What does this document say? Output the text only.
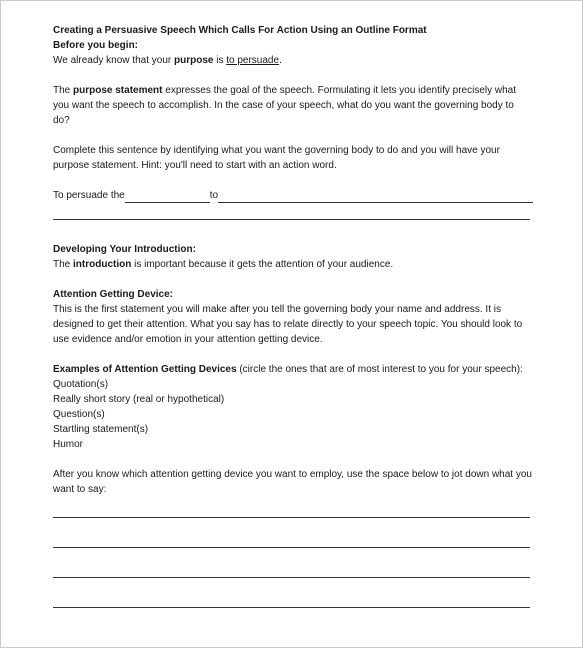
Creating a Persuasive Speech Which Calls For Action Using an Outline Format

Before you begin:

We already know that your purpose is to persuade.

The purpose statement expresses the goal of the speech. Formulating it lets you identify precisely what you want the speech to accomplish. In the case of your speech, what do you want the governing body to do?

Complete this sentence by identifying what you want the governing body to do and you will have your purpose statement. Hint: you'll need to start with an action word.

To persuade the	to

Developing Your Introduction:

The introduction is important because it gets the attention of your audience.

Attention Getting Device:

This is the first statement you will make after you tell the governing body your name and address. It is designed to get their attention. What you say has to relate directly to your speech topic. You should look to use evidence and/or emotion in your attention getting device.

Examples of Attention Getting Devices (circle the ones that are of most interest to you for your speech):

Quotation(s)

Really short story (real or hypothetical)

Question(s)

Startling statement(s)

Humor

After you know which attention getting device you want to employ, use the space below to jot down what you want to say:
